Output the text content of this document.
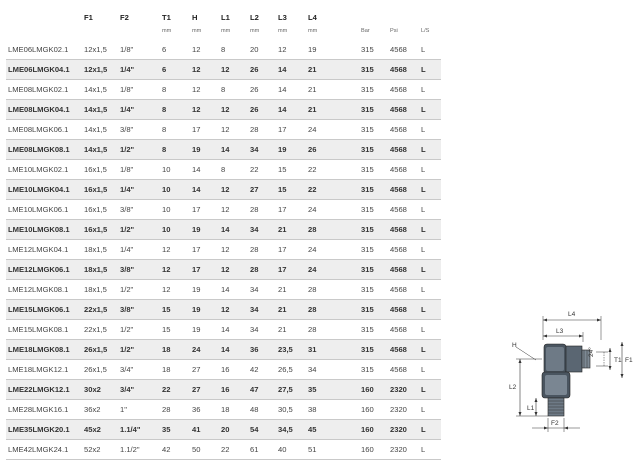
	F1	F2	T1	H	L1	L2	L3	L4			
			mm	mm	mm	mm	mm	mm	Bar	Psi	L/S
LME06LMGK02.1	12x1,5	1/8"	6	12	8	20	12	19	315	4568	L
LME06LMGK04.1	12x1,5	1/4"	6	12	12	26	14	21	315	4568	L
LME08LMGK02.1	14x1,5	1/8"	8	12	8	26	14	21	315	4568	L
LME08LMGK04.1	14x1,5	1/4"	8	12	12	26	14	21	315	4568	L
LME08LMGK06.1	14x1,5	3/8"	8	17	12	28	17	24	315	4568	L
LME08LMGK08.1	14x1,5	1/2"	8	19	14	34	19	26	315	4568	L
LME10LMGK02.1	16x1,5	1/8"	10	14	8	22	15	22	315	4568	L
LME10LMGK04.1	16x1,5	1/4"	10	14	12	27	15	22	315	4568	L
LME10LMGK06.1	16x1,5	3/8"	10	17	12	28	17	24	315	4568	L
LME10LMGK08.1	16x1,5	1/2"	10	19	14	34	21	28	315	4568	L
LME12LMGK04.1	18x1,5	1/4"	12	17	12	28	17	24	315	4568	L
LME12LMGK06.1	18x1,5	3/8"	12	17	12	28	17	24	315	4568	L
LME12LMGK08.1	18x1,5	1/2"	12	19	14	34	21	28	315	4568	L
LME15LMGK06.1	22x1,5	3/8"	15	19	12	34	21	28	315	4568	L
LME15LMGK08.1	22x1,5	1/2"	15	19	14	34	21	28	315	4568	L
LME18LMGK08.1	26x1,5	1/2"	18	24	14	36	23,5	31	315	4568	L
LME18LMGK12.1	26x1,5	3/4"	18	27	16	42	26,5	34	315	4568	L
LME22LMGK12.1	30x2	3/4"	22	27	16	47	27,5	35	160	2320	L
LME28LMGK16.1	36x2	1"	28	36	18	48	30,5	38	160	2320	L
LME35LMGK20.1	45x2	1.1/4"	35	41	20	54	34,5	45	160	2320	L
LME42LMGK24.1	52x2	1.1/2"	42	50	22	61	40	51	160	2320	L
L4
L3
H
24°
T1 F1
L2
L1
F2
